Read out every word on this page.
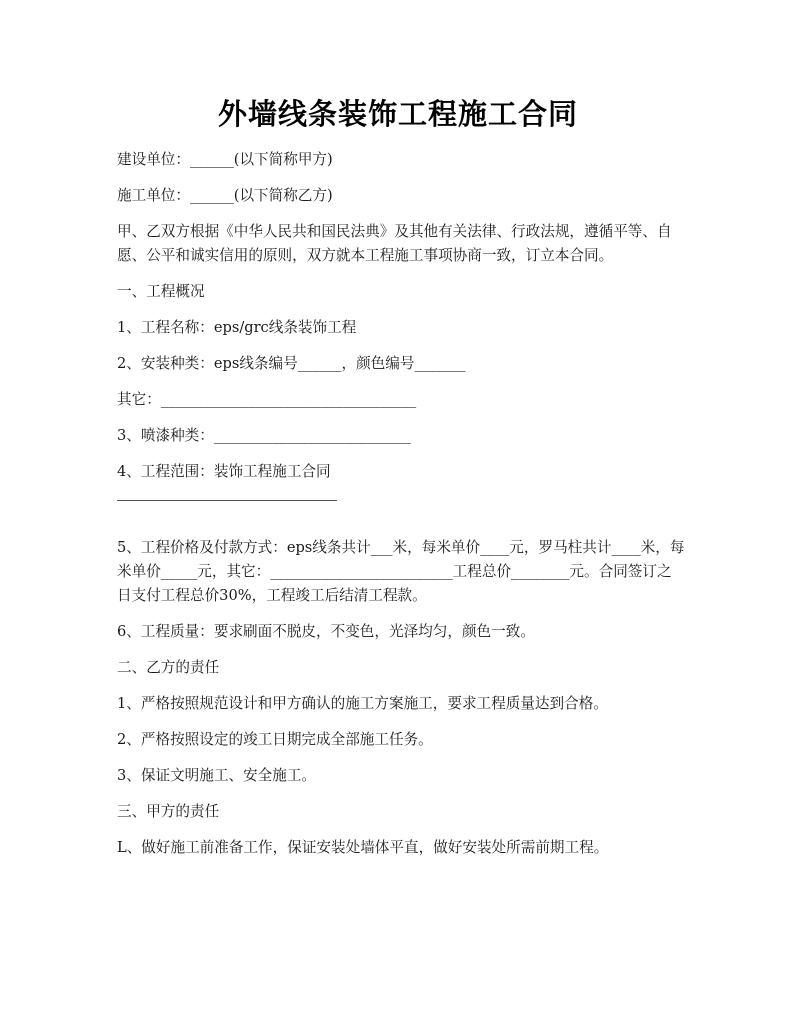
外墙线条装饰工程施工合同

建设单位：______(以下简称甲方)

施工单位：______(以下简称乙方)

甲、乙双方根据《中华人民共和国民法典》及其他有关法律、行政法规，遵循平等、自愿、公平和诚实信用的原则，双方就本工程施工事项协商一致，订立本合同。

一、工程概况

1、工程名称：eps/grc线条装饰工程

2、安装种类：eps线条编号______，颜色编号_______

其它：___________________________________

3、喷漆种类：___________________________

4、工程范围：装饰工程施工合同

5、工程价格及付款方式：eps线条共计___米，每米单价____元，罗马柱共计____米，每米单价_____元，其它：_________________________工程总价________元。合同签订之日支付工程总价30%，工程竣工后结清工程款。

6、工程质量：要求刷面不脱皮，不变色，光泽均匀，颜色一致。

二、乙方的责任

1、严格按照规范设计和甲方确认的施工方案施工，要求工程质量达到合格。

2、严格按照设定的竣工日期完成全部施工任务。

3、保证文明施工、安全施工。

三、甲方的责任

L、做好施工前准备工作，保证安装处墙体平直，做好安装处所需前期工程。
